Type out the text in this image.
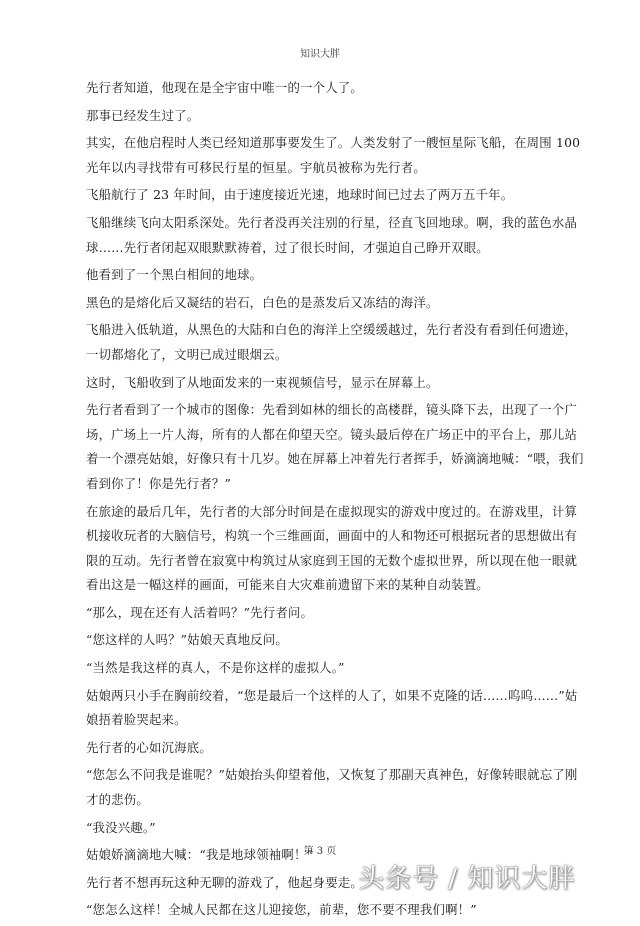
知识大胖

先行者知道，他现在是全宇宙中唯一的一个人了。

那事已经发生过了。

其实，在他启程时人类已经知道那事要发生了。人类发射了一艘恒星际飞船，在周围 100 光年以内寻找带有可移民行星的恒星。宇航员被称为先行者。

飞船航行了 23 年时间，由于速度接近光速，地球时间已过去了两万五千年。

飞船继续飞向太阳系深处。先行者没再关注别的行星，径直飞回地球。啊，我的蓝色水晶球……先行者闭起双眼默默祷着，过了很长时间，才强迫自己睁开双眼。

他看到了一个黑白相间的地球。

黑色的是熔化后又凝结的岩石，白色的是蒸发后又冻结的海洋。

飞船进入低轨道，从黑色的大陆和白色的海洋上空缓缓越过，先行者没有看到任何遗迹，一切都熔化了，文明已成过眼烟云。

这时，飞船收到了从地面发来的一束视频信号，显示在屏幕上。

先行者看到了一个城市的图像：先看到如林的细长的高楼群，镜头降下去，出现了一个广场，广场上一片人海，所有的人都在仰望天空。镜头最后停在广场正中的平台上，那儿站着一个漂亮姑娘，好像只有十几岁。她在屏幕上冲着先行者挥手，娇滴滴地喊：“喂，我们看到你了！你是先行者？”

在旅途的最后几年，先行者的大部分时间是在虚拟现实的游戏中度过的。在游戏里，计算机接收玩者的大脑信号，构筑一个三维画面，画面中的人和物还可根据玩者的思想做出有限的互动。先行者曾在寂寞中构筑过从家庭到王国的无数个虚拟世界，所以现在他一眼就看出这是一幅这样的画面，可能来自大灾难前遗留下来的某种自动装置。

“那么，现在还有人活着吗？”先行者问。

“您这样的人吗？”姑娘天真地反问。

“当然是我这样的真人，不是你这样的虚拟人。”

姑娘两只小手在胸前绞着，“您是最后一个这样的人了，如果不克隆的话……呜呜……”姑娘捂着脸哭起来。

先行者的心如沉海底。

“您怎么不问我是谁呢？”姑娘抬头仰望着他，又恢复了那副天真神色，好像转眼就忘了刚才的悲伤。

“我没兴趣。”

姑娘娇滴滴地大喊：“我是地球领袖啊！”

先行者不想再玩这种无聊的游戏了，他起身要走。

“您怎么这样！全城人民都在这儿迎接您，前辈，您不要不理我们啊！”

第 3 页
头条号 / 知识大胖
